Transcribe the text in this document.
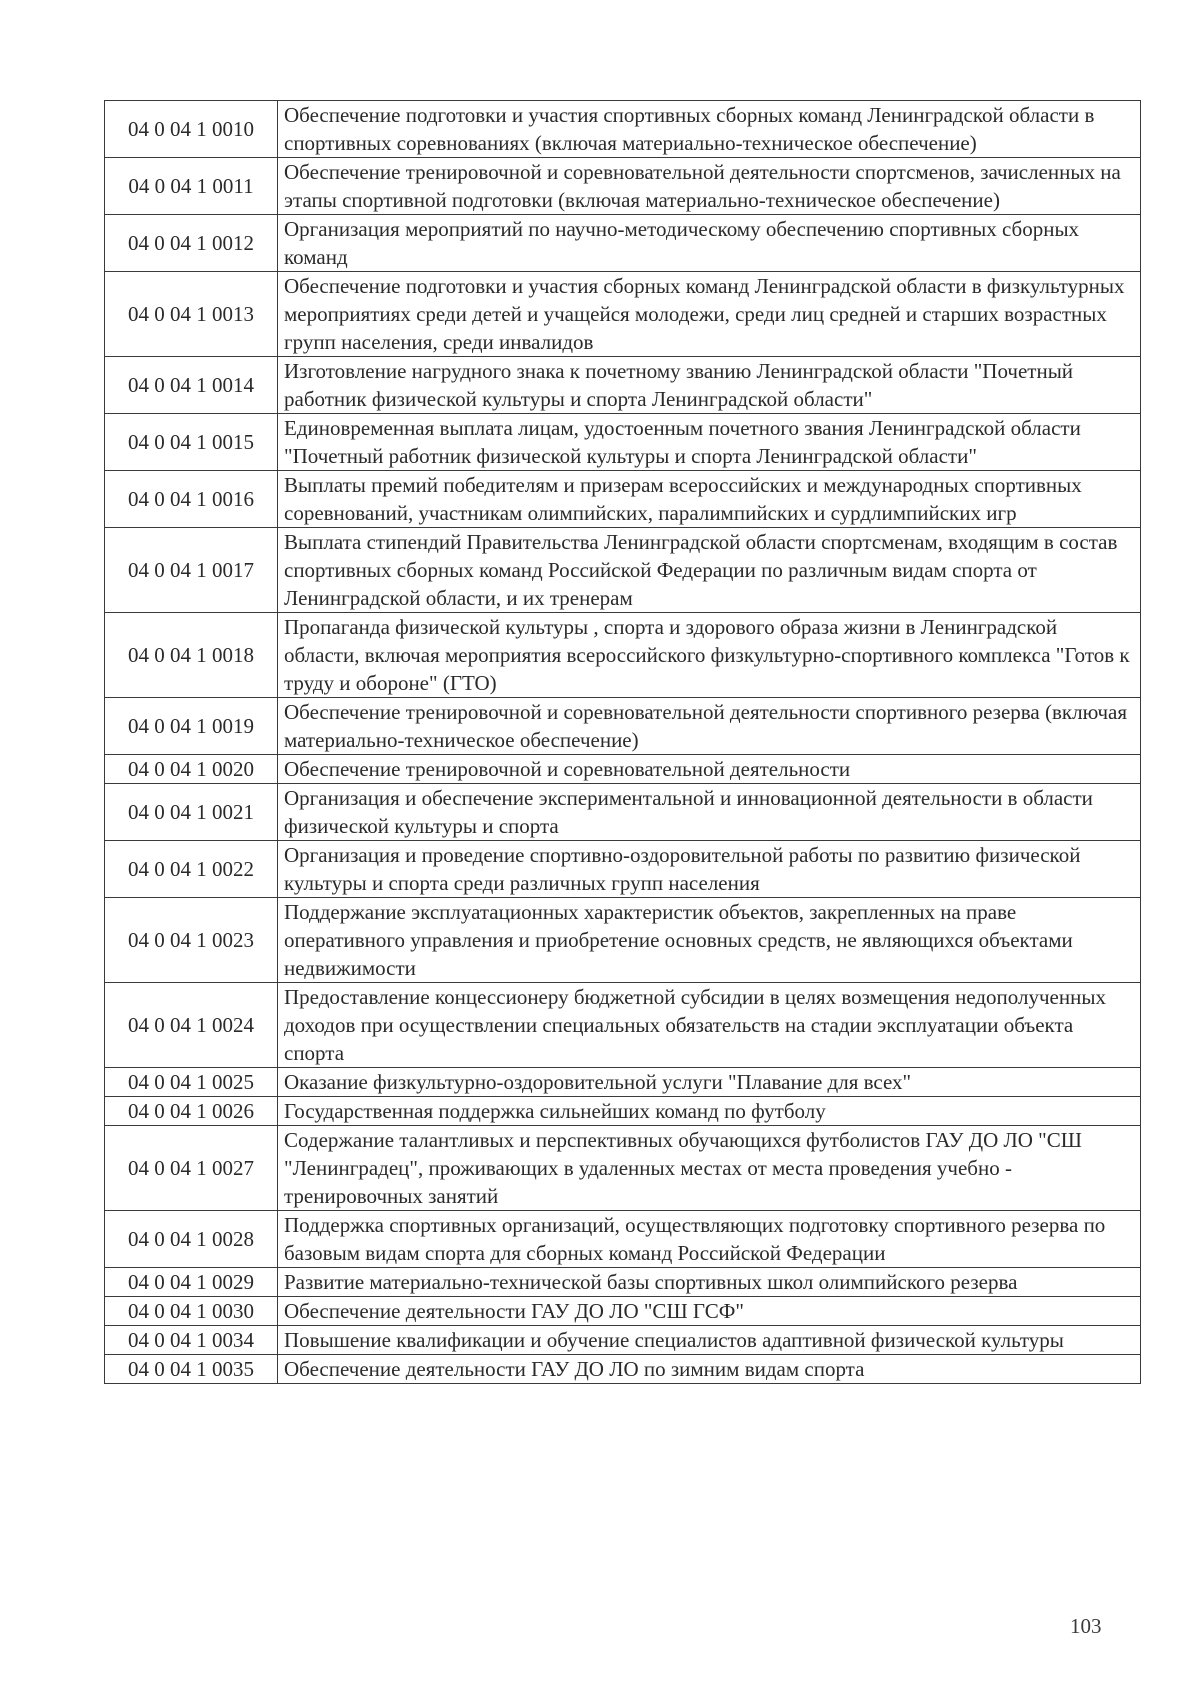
04 0 04 1 0010	Обеспечение подготовки и участия спортивных сборных команд Ленинградской области в спортивных соревнованиях (включая материально-техническое обеспечение)
04 0 04 1 0011	Обеспечение тренировочной и соревновательной деятельности спортсменов, зачисленных на этапы спортивной подготовки (включая материально-техническое обеспечение)
04 0 04 1 0012	Организация мероприятий по научно-методическому обеспечению спортивных сборных команд
04 0 04 1 0013	Обеспечение подготовки и участия сборных команд Ленинградской области в физкультурных мероприятиях среди детей и учащейся молодежи, среди лиц средней и старших возрастных групп населения, среди инвалидов
04 0 04 1 0014	Изготовление нагрудного знака к почетному званию Ленинградской области "Почетный работник физической культуры и спорта Ленинградской области"
04 0 04 1 0015	Единовременная выплата лицам, удостоенным почетного звания Ленинградской области "Почетный работник физической культуры и спорта Ленинградской области"
04 0 04 1 0016	Выплаты премий победителям и призерам всероссийских и международных спортивных соревнований, участникам олимпийских, паралимпийских и сурдлимпийских игр
04 0 04 1 0017	Выплата стипендий Правительства Ленинградской области спортсменам, входящим в состав спортивных сборных команд Российской Федерации по различным видам спорта от Ленинградской области, и их тренерам
04 0 04 1 0018	Пропаганда физической культуры , спорта и здорового образа жизни в Ленинградской области, включая мероприятия всероссийского физкультурно-спортивного комплекса "Готов к труду и обороне" (ГТО)
04 0 04 1 0019	Обеспечение тренировочной и соревновательной деятельности спортивного резерва (включая материально-техническое обеспечение)
04 0 04 1 0020	Обеспечение тренировочной и соревновательной деятельности
04 0 04 1 0021	Организация и обеспечение экспериментальной и инновационной деятельности в области физической культуры и спорта
04 0 04 1 0022	Организация и проведение спортивно-оздоровительной работы по развитию физической культуры и спорта среди различных групп населения
04 0 04 1 0023	Поддержание эксплуатационных характеристик объектов, закрепленных на праве оперативного управления и приобретение основных средств, не являющихся объектами недвижимости
04 0 04 1 0024	Предоставление концессионеру бюджетной субсидии в целях возмещения недополученных доходов при осуществлении специальных обязательств на стадии эксплуатации объекта спорта
04 0 04 1 0025	Оказание физкультурно-оздоровительной услуги "Плавание для всех"
04 0 04 1 0026	Государственная поддержка сильнейших команд по футболу
04 0 04 1 0027	Содержание талантливых и перспективных обучающихся футболистов ГАУ ДО ЛО "СШ "Ленинградец", проживающих в удаленных местах от места проведения учебно - тренировочных занятий
04 0 04 1 0028	Поддержка спортивных организаций, осуществляющих подготовку спортивного резерва по базовым видам спорта для сборных команд Российской Федерации
04 0 04 1 0029	Развитие материально-технической базы спортивных школ олимпийского резерва
04 0 04 1 0030	Обеспечение деятельности ГАУ ДО ЛО "СШ ГСФ"
04 0 04 1 0034	Повышение квалификации и обучение специалистов адаптивной физической культуры
04 0 04 1 0035	Обеспечение деятельности ГАУ ДО ЛО по зимним видам спорта
103
